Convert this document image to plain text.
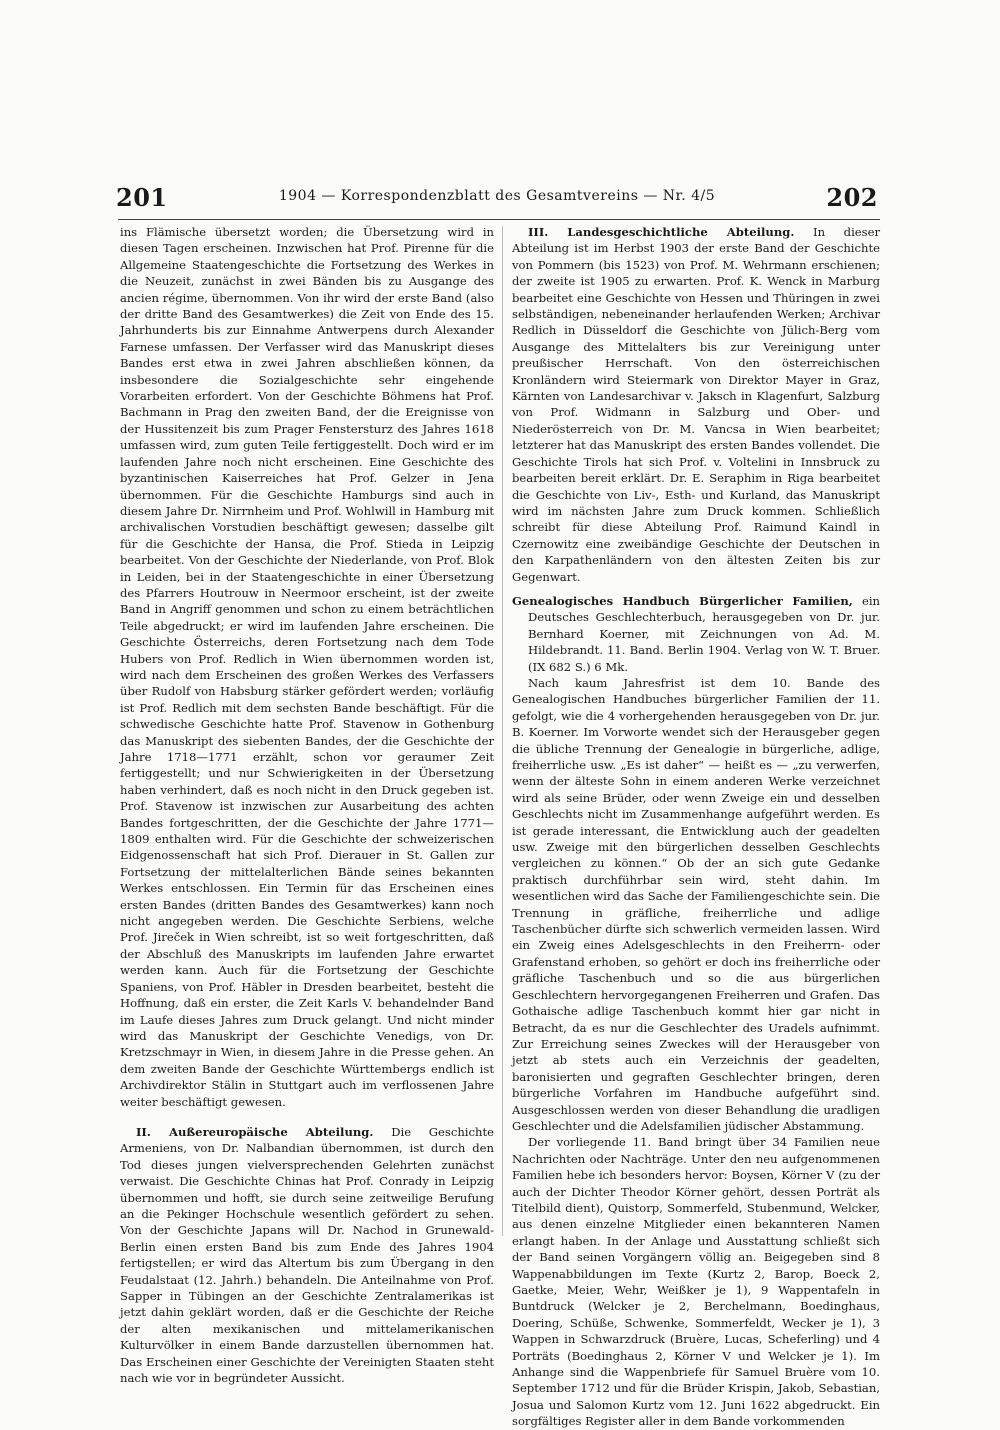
201	1904 — Korrespondenzblatt des Gesamtvereins — Nr. 4/5	202

ins Flämische übersetzt worden; die Übersetzung wird in diesen Tagen erscheinen. Inzwischen hat Prof. Pirenne für die Allgemeine Staatengeschichte die Fortsetzung des Werkes in die Neuzeit, zunächst in zwei Bänden bis zu Ausgange des ancien régime, übernommen. Von ihr wird der erste Band (also der dritte Band des Gesamtwerkes) die Zeit von Ende des 15. Jahrhunderts bis zur Einnahme Antwerpens durch Alexander Farnese umfassen. Der Verfasser wird das Manuskript dieses Bandes erst etwa in zwei Jahren abschließen können, da insbesondere die Sozialgeschichte sehr eingehende Vorarbeiten erfordert. Von der Geschichte Böhmens hat Prof. Bachmann in Prag den zweiten Band, der die Ereignisse von der Hussitenzeit bis zum Prager Fenstersturz des Jahres 1618 umfassen wird, zum guten Teile fertiggestellt. Doch wird er im laufenden Jahre noch nicht erscheinen. Eine Geschichte des byzantinischen Kaiserreiches hat Prof. Gelzer in Jena übernommen. Für die Geschichte Hamburgs sind auch in diesem Jahre Dr. Nirrnheim und Prof. Wohlwill in Hamburg mit archivalischen Vorstudien beschäftigt gewesen; dasselbe gilt für die Geschichte der Hansa, die Prof. Stieda in Leipzig bearbeitet. Von der Geschichte der Niederlande, von Prof. Blok in Leiden, bei in der Staatengeschichte in einer Übersetzung des Pfarrers Houtrouw in Neermoor erscheint, ist der zweite Band in Angriff genommen und schon zu einem beträchtlichen Teile abgedruckt; er wird im laufenden Jahre erscheinen. Die Geschichte Österreichs, deren Fortsetzung nach dem Tode Hubers von Prof. Redlich in Wien übernommen worden ist, wird nach dem Erscheinen des großen Werkes des Verfassers über Rudolf von Habsburg stärker gefördert werden; vorläufig ist Prof. Redlich mit dem sechsten Bande beschäftigt. Für die schwedische Geschichte hatte Prof. Stavenow in Gothenburg das Manuskript des siebenten Bandes, der die Geschichte der Jahre 1718—1771 erzählt, schon vor geraumer Zeit fertiggestellt; und nur Schwierigkeiten in der Übersetzung haben verhindert, daß es noch nicht in den Druck gegeben ist. Prof. Stavenow ist inzwischen zur Ausarbeitung des achten Bandes fortgeschritten, der die Geschichte der Jahre 1771—1809 enthalten wird. Für die Geschichte der schweizerischen Eidgenossenschaft hat sich Prof. Dierauer in St. Gallen zur Fortsetzung der mittelalterlichen Bände seines bekannten Werkes entschlossen. Ein Termin für das Erscheinen eines ersten Bandes (dritten Bandes des Gesamtwerkes) kann noch nicht angegeben werden. Die Geschichte Serbiens, welche Prof. Jireček in Wien schreibt, ist so weit fortgeschritten, daß der Abschluß des Manuskripts im laufenden Jahre erwartet werden kann. Auch für die Fortsetzung der Geschichte Spaniens, von Prof. Häbler in Dresden bearbeitet, besteht die Hoffnung, daß ein erster, die Zeit Karls V. behandelnder Band im Laufe dieses Jahres zum Druck gelangt. Und nicht minder wird das Manuskript der Geschichte Venedigs, von Dr. Kretzschmayr in Wien, in diesem Jahre in die Presse gehen. An dem zweiten Bande der Geschichte Württembergs endlich ist Archivdirektor Stälin in Stuttgart auch im verflossenen Jahre weiter beschäftigt gewesen.

II. Außereuropäische Abteilung. Die Geschichte Armeniens, von Dr. Nalbandian übernommen, ist durch den Tod dieses jungen vielversprechenden Gelehrten zunächst verwaist. Die Geschichte Chinas hat Prof. Conrady in Leipzig übernommen und hofft, sie durch seine zeitweilige Berufung an die Pekinger Hochschule wesentlich gefördert zu sehen. Von der Geschichte Japans will Dr. Nachod in Grunewald-Berlin einen ersten Band bis zum Ende des Jahres 1904 fertigstellen; er wird das Altertum bis zum Übergang in den Feudalstaat (12. Jahrh.) behandeln. Die Anteilnahme von Prof. Sapper in Tübingen an der Geschichte Zentralamerikas ist jetzt dahin geklärt worden, daß er die Geschichte der Reiche der alten mexikanischen und mittelamerikanischen Kulturvölker in einem Bande darzustellen übernommen hat. Das Erscheinen einer Geschichte der Vereinigten Staaten steht nach wie vor in begründeter Aussicht.

III. Landesgeschichtliche Abteilung. In dieser Abteilung ist im Herbst 1903 der erste Band der Geschichte von Pommern (bis 1523) von Prof. M. Wehrmann erschienen; der zweite ist 1905 zu erwarten. Prof. K. Wenck in Marburg bearbeitet eine Geschichte von Hessen und Thüringen in zwei selbständigen, nebeneinander herlaufenden Werken; Archivar Redlich in Düsseldorf die Geschichte von Jülich-Berg vom Ausgange des Mittelalters bis zur Vereinigung unter preußischer Herrschaft. Von den österreichischen Kronländern wird Steiermark von Direktor Mayer in Graz, Kärnten von Landesarchivar v. Jaksch in Klagenfurt, Salzburg von Prof. Widmann in Salzburg und Ober- und Niederösterreich von Dr. M. Vancsa in Wien bearbeitet; letzterer hat das Manuskript des ersten Bandes vollendet. Die Geschichte Tirols hat sich Prof. v. Voltelini in Innsbruck zu bearbeiten bereit erklärt. Dr. E. Seraphim in Riga bearbeitet die Geschichte von Liv-, Esth- und Kurland, das Manuskript wird im nächsten Jahre zum Druck kommen. Schließlich schreibt für diese Abteilung Prof. Raimund Kaindl in Czernowitz eine zweibändige Geschichte der Deutschen in den Karpathenländern von den ältesten Zeiten bis zur Gegenwart.

Genealogisches Handbuch Bürgerlicher Familien, ein Deutsches Geschlechterbuch, herausgegeben von Dr. jur. Bernhard Koerner, mit Zeichnungen von Ad. M. Hildebrandt. 11. Band. Berlin 1904. Verlag von W. T. Bruer. (IX 682 S.) 6 Mk.

Nach kaum Jahresfrist ist dem 10. Bande des Genealogischen Handbuches bürgerlicher Familien der 11. gefolgt, wie die 4 vorhergehenden herausgegeben von Dr. jur. B. Koerner. Im Vorworte wendet sich der Herausgeber gegen die übliche Trennung der Genealogie in bürgerliche, adlige, freiherrliche usw. „Es ist daher“ — heißt es — „zu verwerfen, wenn der älteste Sohn in einem anderen Werke verzeichnet wird als seine Brüder, oder wenn Zweige ein und desselben Geschlechts nicht im Zusammenhange aufgeführt werden. Es ist gerade interessant, die Entwicklung auch der geadelten usw. Zweige mit den bürgerlichen desselben Geschlechts vergleichen zu können.“ Ob der an sich gute Gedanke praktisch durchführbar sein wird, steht dahin. Im wesentlichen wird das Sache der Familiengeschichte sein. Die Trennung in gräfliche, freiherrliche und adlige Taschenbücher dürfte sich schwerlich vermeiden lassen. Wird ein Zweig eines Adelsgeschlechts in den Freiherrn- oder Grafenstand erhoben, so gehört er doch ins freiherrliche oder gräfliche Taschenbuch und so die aus bürgerlichen Geschlechtern hervorgegangenen Freiherren und Grafen. Das Gothaische adlige Taschenbuch kommt hier gar nicht in Betracht, da es nur die Geschlechter des Uradels aufnimmt. Zur Erreichung seines Zweckes will der Herausgeber von jetzt ab stets auch ein Verzeichnis der geadelten, baronisierten und gegraften Geschlechter bringen, deren bürgerliche Vorfahren im Handbuche aufgeführt sind. Ausgeschlossen werden von dieser Behandlung die uradligen Geschlechter und die Adelsfamilien jüdischer Abstammung.

Der vorliegende 11. Band bringt über 34 Familien neue Nachrichten oder Nachträge. Unter den neu aufgenommenen Familien hebe ich besonders hervor: Boysen, Körner V (zu der auch der Dichter Theodor Körner gehört, dessen Porträt als Titelbild dient), Quistorp, Sommerfeld, Stubenmund, Welcker, aus denen einzelne Mitglieder einen bekannteren Namen erlangt haben. In der Anlage und Ausstattung schließt sich der Band seinen Vorgängern völlig an. Beigegeben sind 8 Wappenabbildungen im Texte (Kurtz 2, Barop, Boeck 2, Gaetke, Meier, Wehr, Weißker je 1), 9 Wappentafeln in Buntdruck (Welcker je 2, Berchelmann, Boedinghaus, Doering, Schüße, Schwenke, Sommerfeldt, Wecker je 1), 3 Wappen in Schwarzdruck (Bruère, Lucas, Scheferling) und 4 Porträts (Boedinghaus 2, Körner V und Welcker je 1). Im Anhange sind die Wappenbriefe für Samuel Bruère vom 10. September 1712 und für die Brüder Krispin, Jakob, Sebastian, Josua und Salomon Kurtz vom 12. Juni 1622 abgedruckt. Ein sorgfältiges Register aller in dem Bande vorkommenden
